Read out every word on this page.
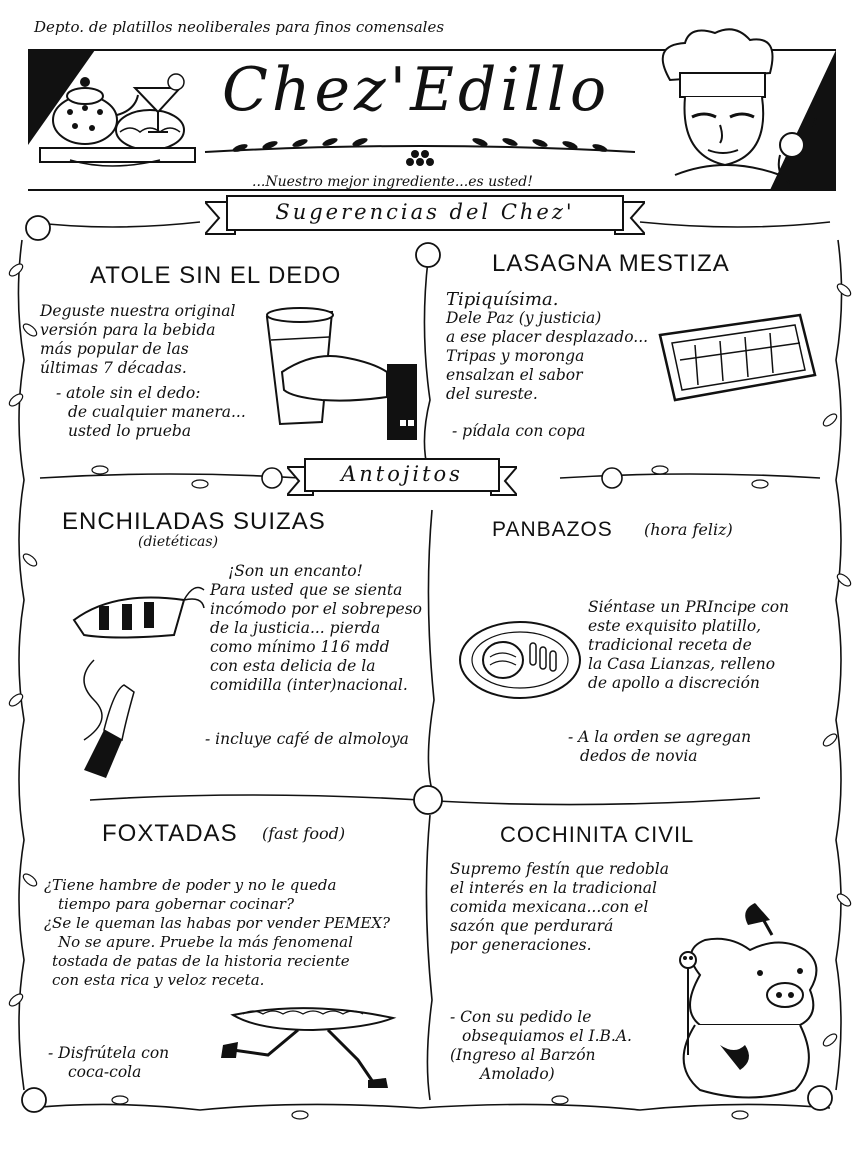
Depto. de platillos neoliberales para finos comensales
Chez'Edillo
...Nuestro mejor ingrediente...es usted!
Sugerencias del Chez'
Antojitos
ATOLE SIN EL DEDO
Deguste nuestra original
versión para la bebida
más popular de las
últimas 7 décadas.
- atole sin el dedo:
de cualquier manera...
usted lo prueba
LASAGNA MESTIZA
Tipiquísima.
Dele Paz (y justicia)
a ese placer desplazado...
Tripas y moronga
ensalzan el sabor
del sureste.
- pídala con copa
ENCHILADAS SUIZAS
(dietéticas)
¡Son un encanto!
Para usted que se sienta
incómodo por el sobrepeso
de la justicia... pierda
como mínimo 116 mdd
con esta delicia de la
comidilla (inter)nacional.
- incluye café de almoloya
PANBAZOS (hora feliz)
Siéntase un PRIncipe con
este exquisito platillo,
tradicional receta de
la Casa Lianzas, relleno
de apollo a discreción
- A la orden se agregan
dedos de novia
FOXTADAS (fast food)
¿Tiene hambre de poder y no le queda
tiempo para gobernar cocinar?
¿Se le queman las habas por vender PEMEX?
No se apure. Pruebe la más fenomenal
tostada de patas de la historia reciente
con esta rica y veloz receta.
- Disfrútela con
coca-cola
COCHINITA CIVIL
Supremo festín que redobla
el interés en la tradicional
comida mexicana...con el
sazón que perdurará
por generaciones.
- Con su pedido le
obsequiamos el I.B.A.
(Ingreso al Barzón
Amolado)
